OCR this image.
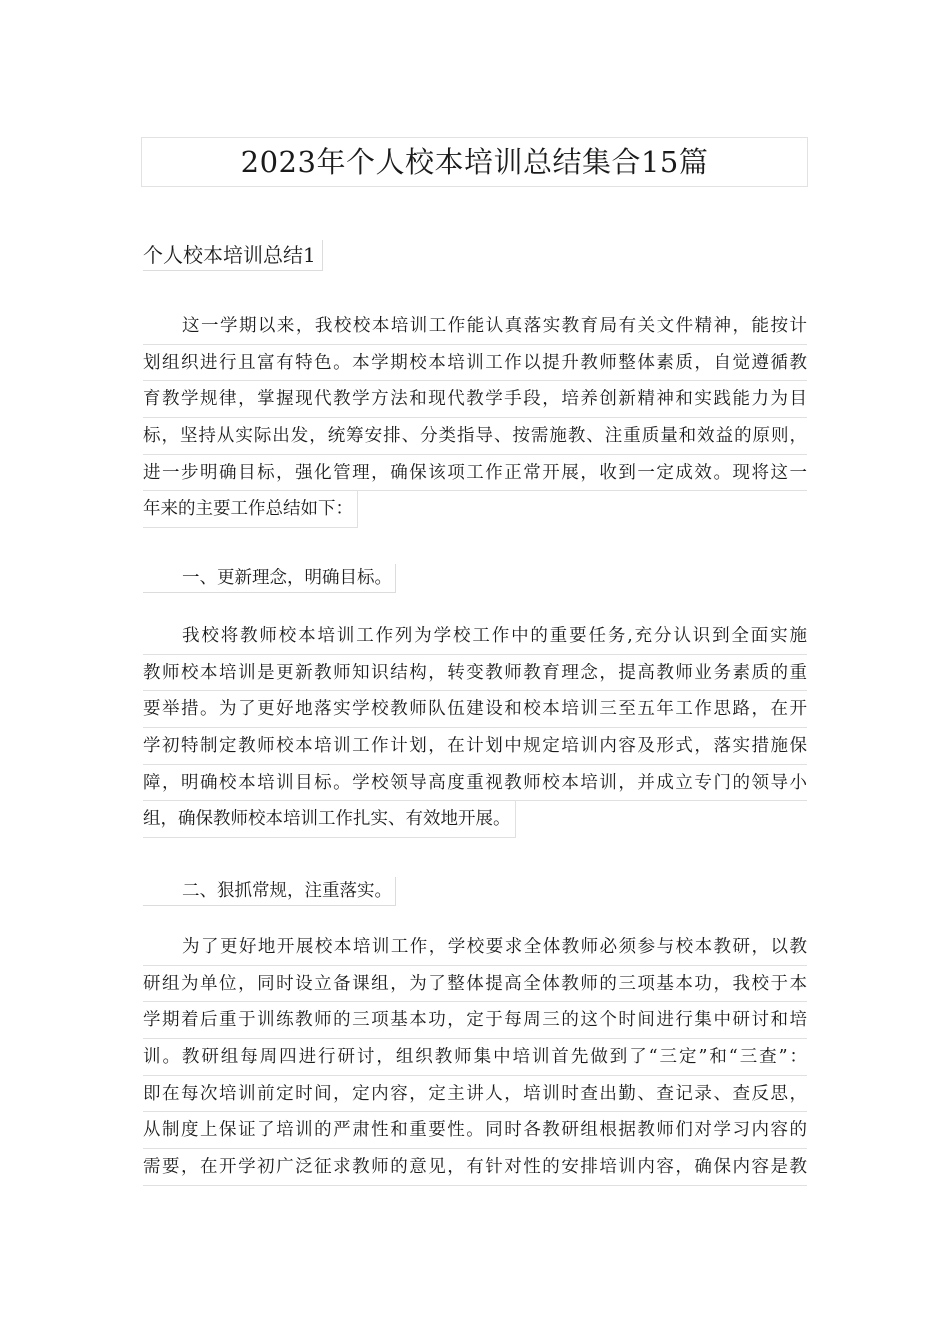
2023年个人校本培训总结集合15篇
个人校本培训总结1
这一学期以来，我校校本培训工作能认真落实教育局有关文件精神，能按计
划组织进行且富有特色。本学期校本培训工作以提升教师整体素质，自觉遵循教
育教学规律，掌握现代教学方法和现代教学手段，培养创新精神和实践能力为目
标，坚持从实际出发，统筹安排、分类指导、按需施教、注重质量和效益的原则，
进一步明确目标，强化管理，确保该项工作正常开展，收到一定成效。现将这一
年来的主要工作总结如下：
一、更新理念，明确目标。
我校将教师校本培训工作列为学校工作中的重要任务,充分认识到全面实施
教师校本培训是更新教师知识结构，转变教师教育理念，提高教师业务素质的重
要举措。为了更好地落实学校教师队伍建设和校本培训三至五年工作思路，在开
学初特制定教师校本培训工作计划，在计划中规定培训内容及形式，落实措施保
障，明确校本培训目标。学校领导高度重视教师校本培训，并成立专门的领导小
组，确保教师校本培训工作扎实、有效地开展。
二、狠抓常规，注重落实。
为了更好地开展校本培训工作，学校要求全体教师必须参与校本教研，以教
研组为单位，同时设立备课组，为了整体提高全体教师的三项基本功，我校于本
学期着后重于训练教师的三项基本功，定于每周三的这个时间进行集中研讨和培
训。教研组每周四进行研讨，组织教师集中培训首先做到了“三定”和“三查”：
即在每次培训前定时间，定内容，定主讲人，培训时查出勤、查记录、查反思，
从制度上保证了培训的严肃性和重要性。同时各教研组根据教师们对学习内容的
需要，在开学初广泛征求教师的意见，有针对性的安排培训内容，确保内容是教
